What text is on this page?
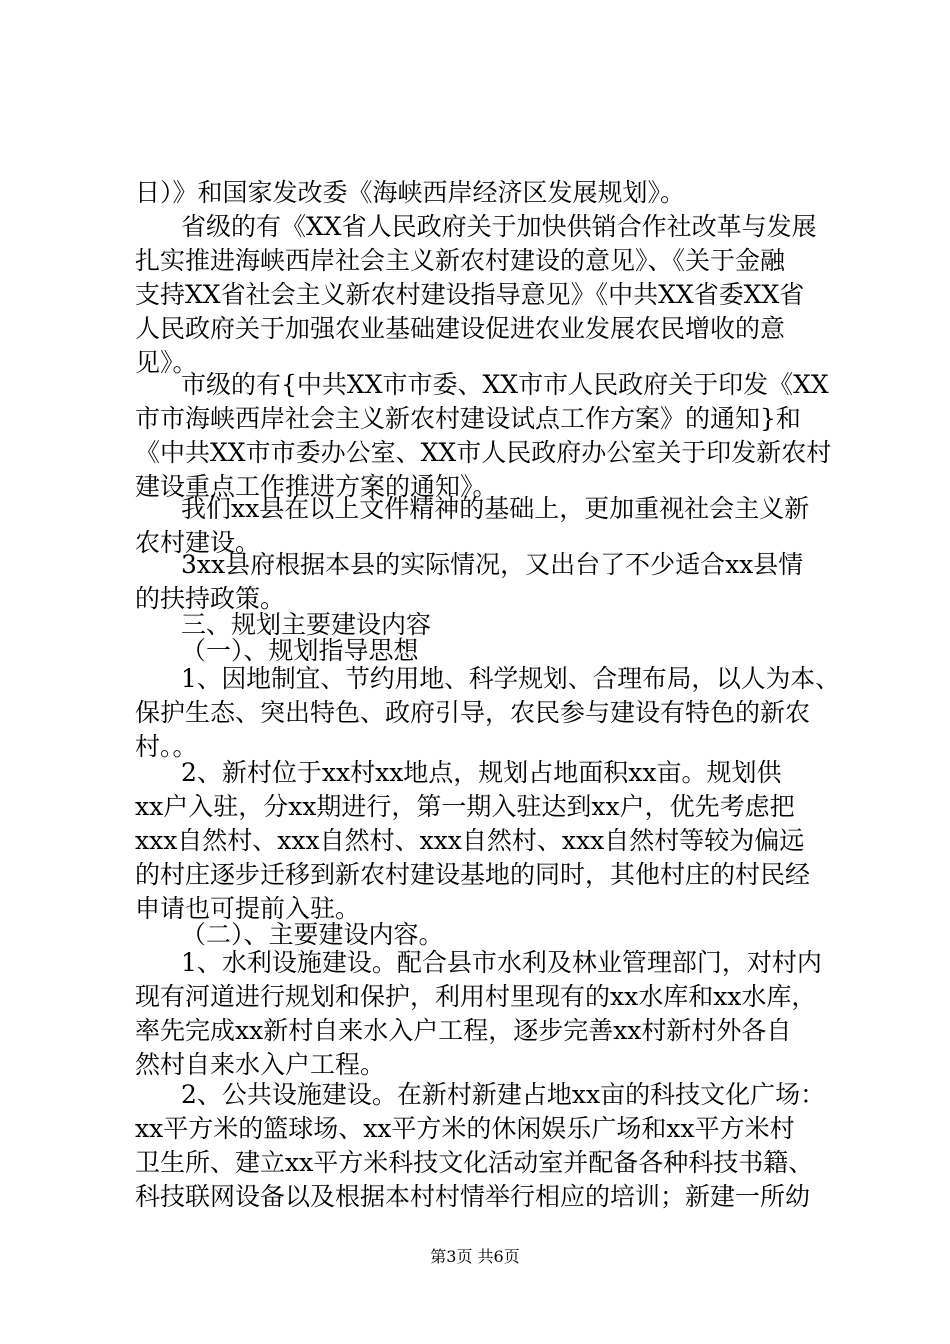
日）》和国家发改委《海峡西岸经济区发展规划》。
省级的有《XX省人民政府关于加快供销合作社改革与发展
扎实推进海峡西岸社会主义新农村建设的意见》、《关于金融
支持XX省社会主义新农村建设指导意见》《中共XX省委XX省
人民政府关于加强农业基础建设促进农业发展农民增收的意
见》。
市级的有{中共XX市市委、XX市市人民政府关于印发《XX
市市海峡西岸社会主义新农村建设试点工作方案》的通知}和
《中共XX市市委办公室、XX市人民政府办公室关于印发新农村
建设重点工作推进方案的通知》。
我们xx县在以上文件精神的基础上，更加重视社会主义新
农村建设。
3xx县府根据本县的实际情况，又出台了不少适合xx县情
的扶持政策。
三、规划主要建设内容
（一）、规划指导思想
1、因地制宜、节约用地、科学规划、合理布局，以人为本、
保护生态、突出特色、政府引导，农民参与建设有特色的新农
村。。
2、新村位于xx村xx地点，规划占地面积xx亩。规划供
xx户入驻，分xx期进行，第一期入驻达到xx户，优先考虑把
xxx自然村、xxx自然村、xxx自然村、xxx自然村等较为偏远
的村庄逐步迁移到新农村建设基地的同时，其他村庄的村民经
申请也可提前入驻。
（二）、主要建设内容。
1、水利设施建设。配合县市水利及林业管理部门，对村内
现有河道进行规划和保护，利用村里现有的xx水库和xx水库，
率先完成xx新村自来水入户工程，逐步完善xx村新村外各自
然村自来水入户工程。
2、公共设施建设。在新村新建占地xx亩的科技文化广场：
xx平方米的篮球场、xx平方米的休闲娱乐广场和xx平方米村
卫生所、建立xx平方米科技文化活动室并配备各种科技书籍、
科技联网设备以及根据本村村情举行相应的培训；新建一所幼
第3页 共6页
